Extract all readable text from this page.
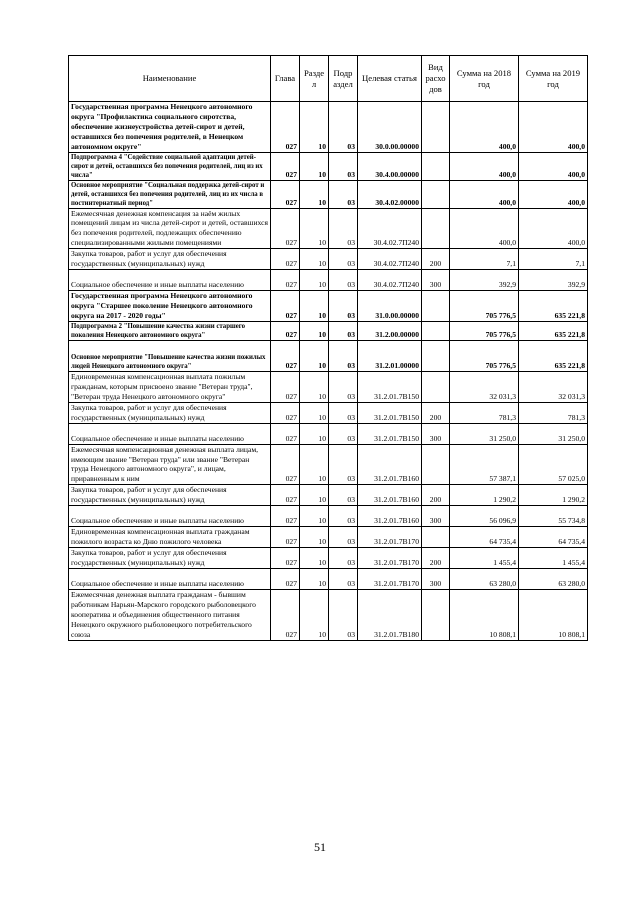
Наименование	Глава	Разде л	Подр аздел	Целевая статья	Вид расхо дов	Сумма на 2018 год	Сумма на 2019 год
Государственная программа Ненецкого автономного округа "Профилактика социального сиротства, обеспечение жизнеустройства детей-сирот и детей, оставшихся без попечения родителей, в Ненецком автономном округе"	027	10	03	30.0.00.00000		400,0	400,0
Подпрограмма 4 "Содействие социальной адаптации детей-сирот и детей, оставшихся без попечения родителей, лиц из их числа"	027	10	03	30.4.00.00000		400,0	400,0
Основное мероприятие "Социальная поддержка детей-сирот и детей, оставшихся без попечения родителей, лиц из их числа в постинтернатный период"	027	10	03	30.4.02.00000		400,0	400,0
Ежемесячная денежная компенсация за наём жилых помещений лицам из числа детей-сирот и детей, оставшихся без попечения родителей, подлежащих обеспечению специализированными жилыми помещениями	027	10	03	30.4.02.7П240		400,0	400,0
Закупка товаров, работ и услуг для обеспечения государственных (муниципальных) нужд	027	10	03	30.4.02.7П240	200	7,1	7,1
Социальное обеспечение и иные выплаты населению	027	10	03	30.4.02.7П240	300	392,9	392,9
Государственная программа Ненецкого автономного округа "Старшее поколение Ненецкого автономного округа на 2017 - 2020 годы"	027	10	03	31.0.00.00000		705 776,5	635 221,8
Подпрограмма 2 "Повышение качества жизни старшего поколения Ненецкого автономного округа"	027	10	03	31.2.00.00000		705 776,5	635 221,8
Основное мероприятие "Повышение качества жизни пожилых людей Ненецкого автономного округа"	027	10	03	31.2.01.00000		705 776,5	635 221,8
Единовременная компенсационная выплата пожилым гражданам, которым присвоено звание "Ветеран труда", "Ветеран труда Ненецкого автономного округа"	027	10	03	31.2.01.7В150		32 031,3	32 031,3
Закупка товаров, работ и услуг для обеспечения государственных (муниципальных) нужд	027	10	03	31.2.01.7В150	200	781,3	781,3
Социальное обеспечение и иные выплаты населению	027	10	03	31.2.01.7В150	300	31 250,0	31 250,0
Ежемесячная компенсационная денежная выплата лицам, имеющим звание "Ветеран труда" или звание "Ветеран труда Ненецкого автономного округа", и лицам, приравненным к ним	027	10	03	31.2.01.7В160		57 387,1	57 025,0
Закупка товаров, работ и услуг для обеспечения государственных (муниципальных) нужд	027	10	03	31.2.01.7В160	200	1 290,2	1 290,2
Социальное обеспечение и иные выплаты населению	027	10	03	31.2.01.7В160	300	56 096,9	55 734,8
Единовременная компенсационная выплата гражданам пожилого возраста ко Дню пожилого человека	027	10	03	31.2.01.7В170		64 735,4	64 735,4
Закупка товаров, работ и услуг для обеспечения государственных (муниципальных) нужд	027	10	03	31.2.01.7В170	200	1 455,4	1 455,4
Социальное обеспечение и иные выплаты населению	027	10	03	31.2.01.7В170	300	63 280,0	63 280,0
Ежемесячная денежная выплата гражданам - бывшим работникам Нарьян-Марского городского рыболовецкого кооператива и объединения общественного питания Ненецкого окружного рыболовецкого потребительского союза	027	10	03	31.2.01.7В180		10 808,1	10 808,1
51
